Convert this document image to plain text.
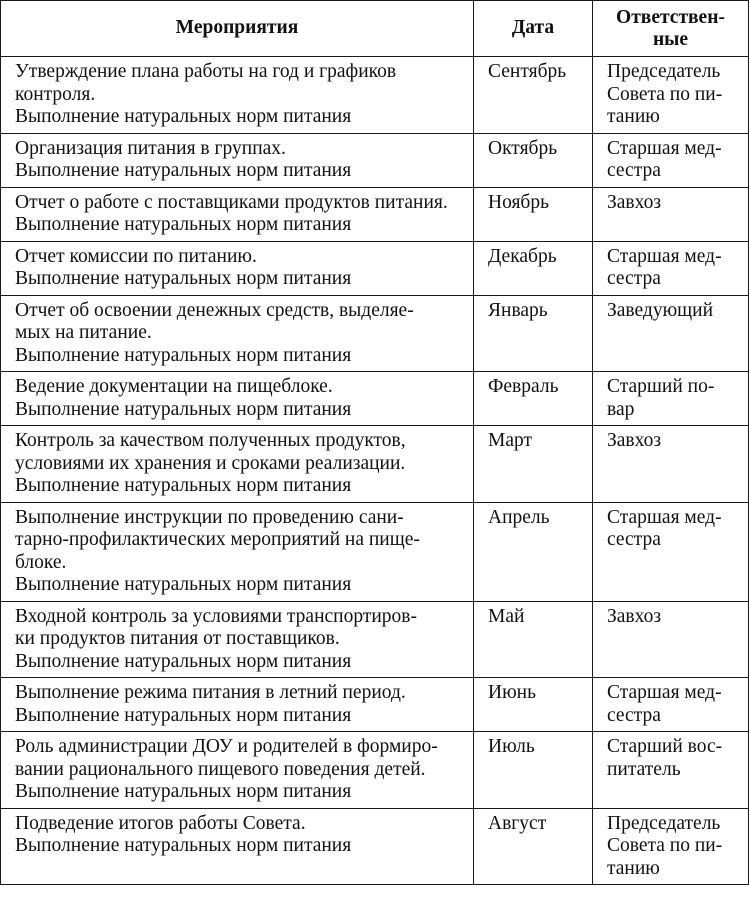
Мероприятия	Дата	Ответствен-
ные

Утверждение плана работы на год и графиков
контроля.
Выполнение натуральных норм питания	Сентябрь	Председатель
Совета по пи-
танию

Организация питания в группах.
Выполнение натуральных норм питания	Октябрь	Старшая мед-
сестра

Отчет о работе с поставщиками продуктов питания.
Выполнение натуральных норм питания	Ноябрь	Завхоз

Отчет комиссии по питанию.
Выполнение натуральных норм питания	Декабрь	Старшая мед-
сестра

Отчет об освоении денежных средств, выделяе-
мых на питание.
Выполнение натуральных норм питания	Январь	Заведующий

Ведение документации на пищеблоке.
Выполнение натуральных норм питания	Февраль	Старший по-
вар

Контроль за качеством полученных продуктов,
условиями их хранения и сроками реализации.
Выполнение натуральных норм питания	Март	Завхоз

Выполнение инструкции по проведению сани-
тарно-профилактических мероприятий на пище-
блоке.
Выполнение натуральных норм питания	Апрель	Старшая мед-
сестра

Входной контроль за условиями транспортиров-
ки продуктов питания от поставщиков.
Выполнение натуральных норм питания	Май	Завхоз

Выполнение режима питания в летний период.
Выполнение натуральных норм питания	Июнь	Старшая мед-
сестра

Роль администрации ДОУ и родителей в формиро-
вании рационального пищевого поведения детей.
Выполнение натуральных норм питания	Июль	Старший вос-
питатель

Подведение итогов работы Совета.
Выполнение натуральных норм питания	Август	Председатель
Совета по пи-
танию
